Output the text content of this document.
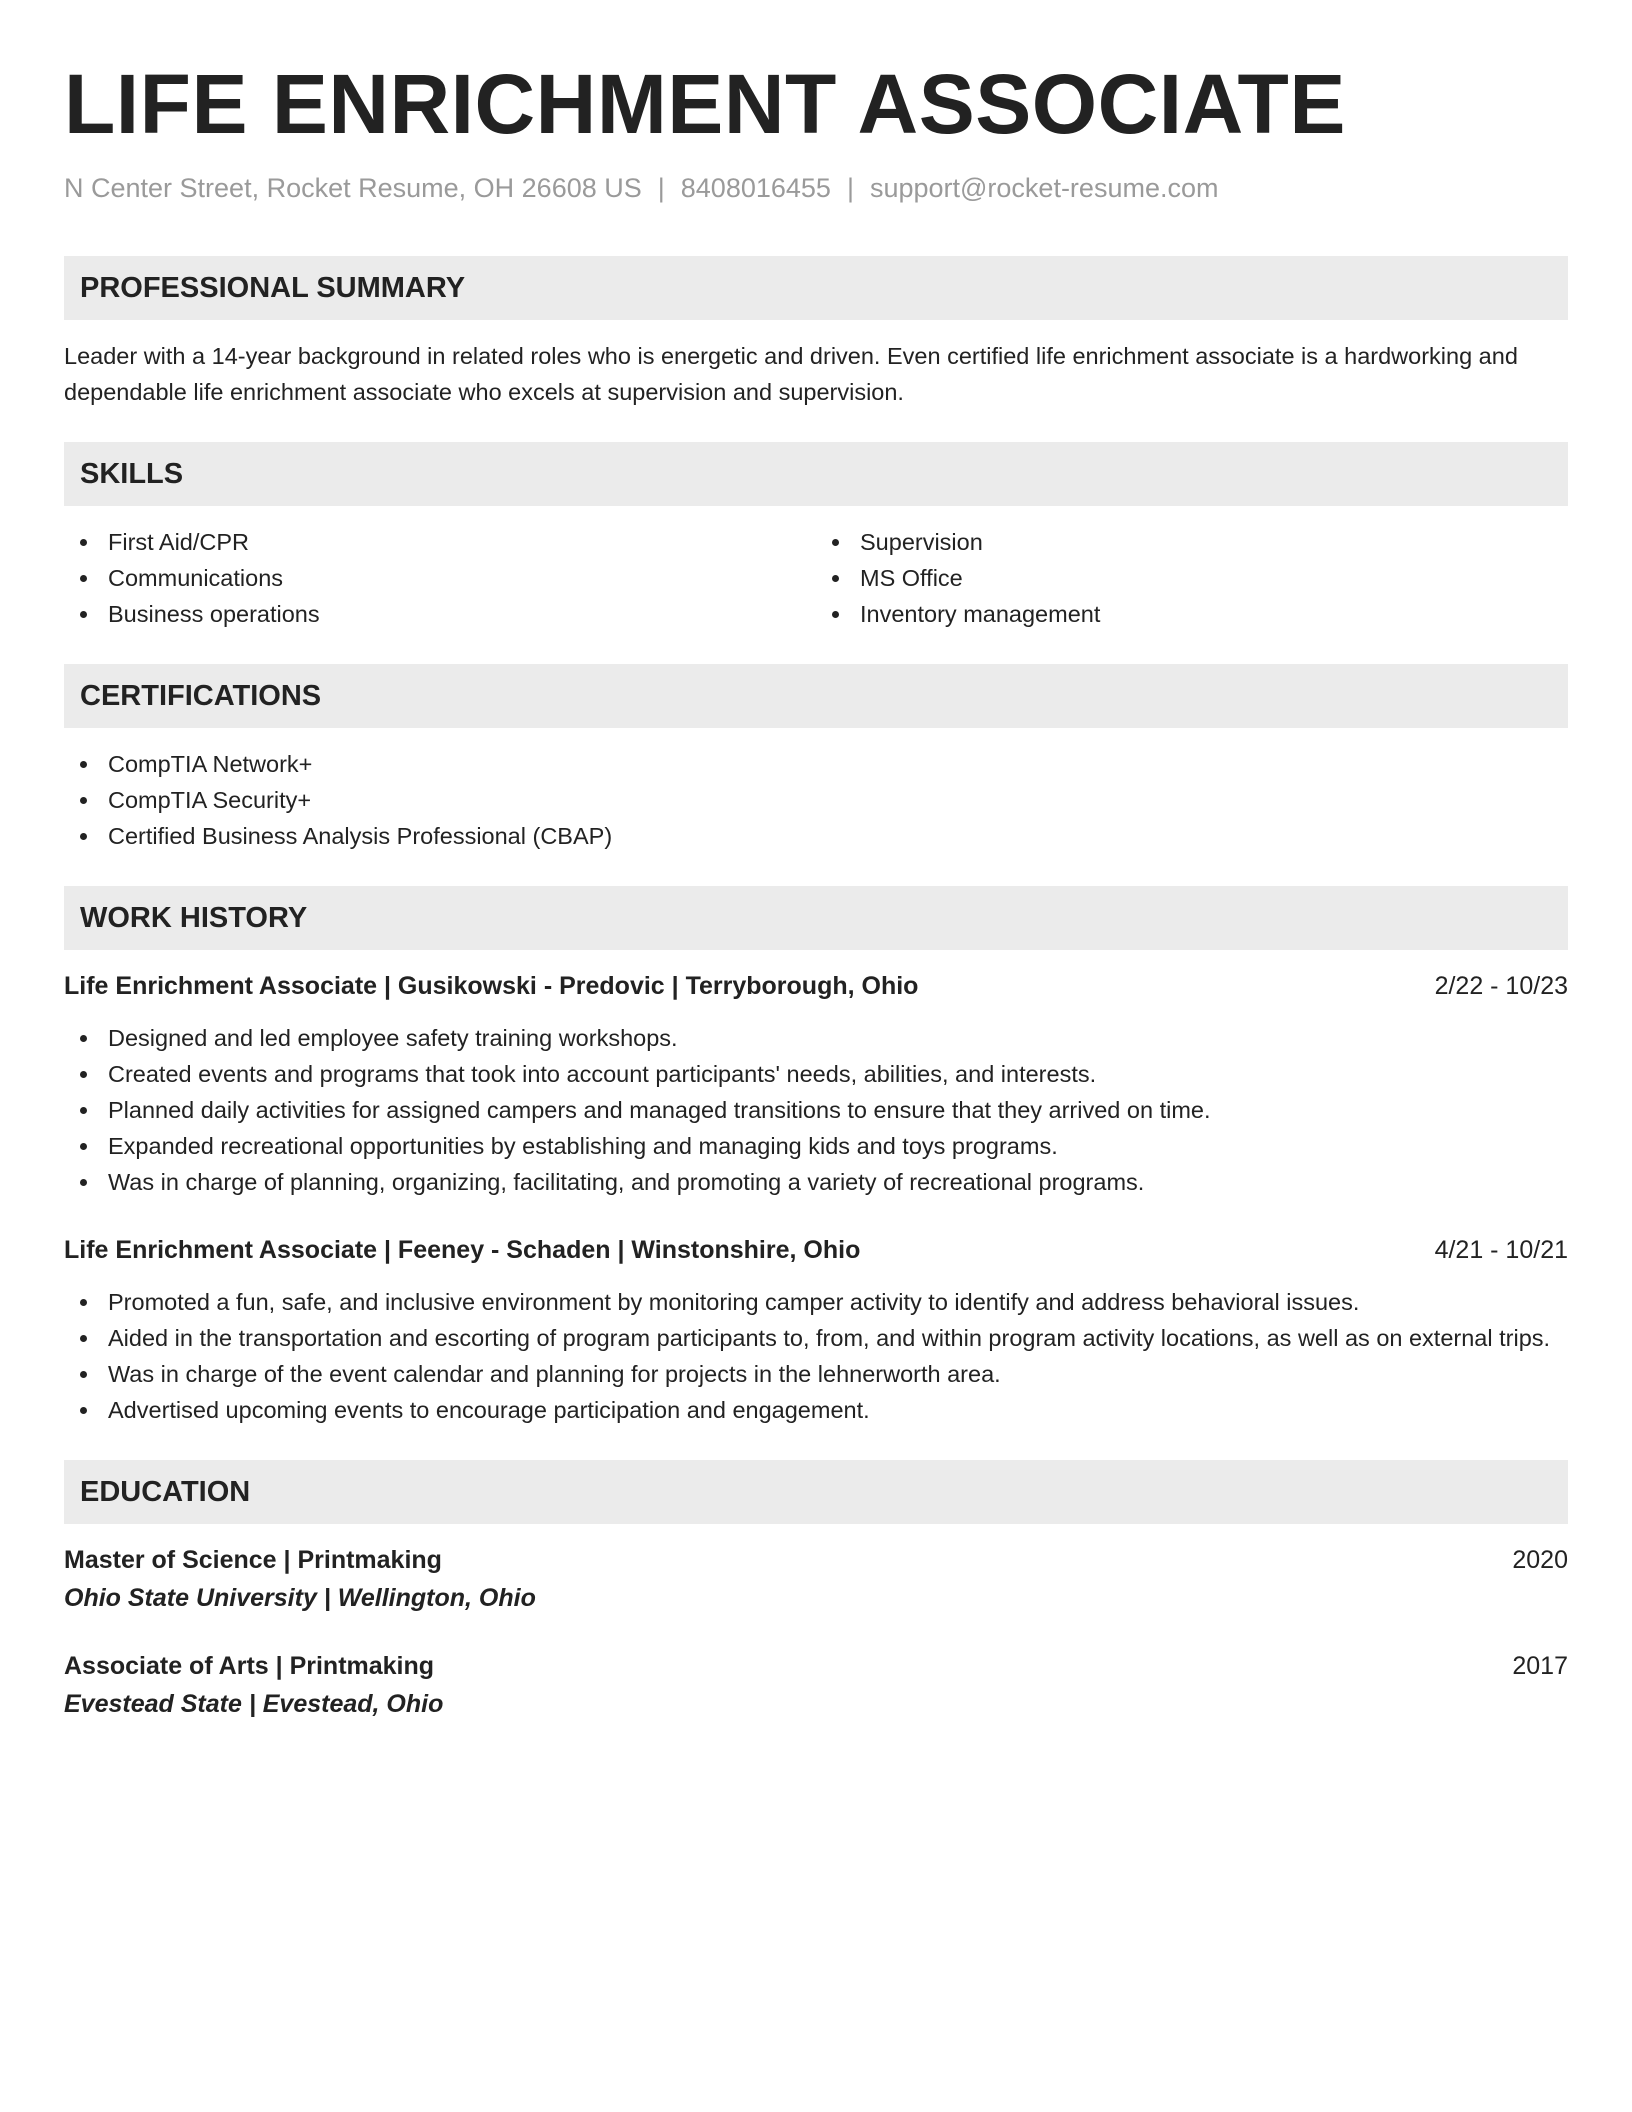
LIFE ENRICHMENT ASSOCIATE
N Center Street, Rocket Resume, OH 26608 US | 8408016455 | support@rocket-resume.com
PROFESSIONAL SUMMARY

Leader with a 14-year background in related roles who is energetic and driven. Even certified life enrichment associate is a hardworking and dependable life enrichment associate who excels at supervision and supervision.

SKILLS
First Aid/CPR
Communications
Business operations
Supervision
MS Office
Inventory management
CERTIFICATIONS
CompTIA Network+
CompTIA Security+
Certified Business Analysis Professional (CBAP)
WORK HISTORY
Life Enrichment Associate | Gusikowski - Predovic | Terryborough, Ohio	2/22 - 10/23
Designed and led employee safety training workshops.
Created events and programs that took into account participants' needs, abilities, and interests.
Planned daily activities for assigned campers and managed transitions to ensure that they arrived on time.
Expanded recreational opportunities by establishing and managing kids and toys programs.
Was in charge of planning, organizing, facilitating, and promoting a variety of recreational programs.
Life Enrichment Associate | Feeney - Schaden | Winstonshire, Ohio	4/21 - 10/21
Promoted a fun, safe, and inclusive environment by monitoring camper activity to identify and address behavioral issues.
Aided in the transportation and escorting of program participants to, from, and within program activity locations, as well as on external trips.
Was in charge of the event calendar and planning for projects in the lehnerworth area.
Advertised upcoming events to encourage participation and engagement.
EDUCATION
Master of Science | Printmaking	2020
Ohio State University | Wellington, Ohio
Associate of Arts | Printmaking	2017
Evestead State | Evestead, Ohio
